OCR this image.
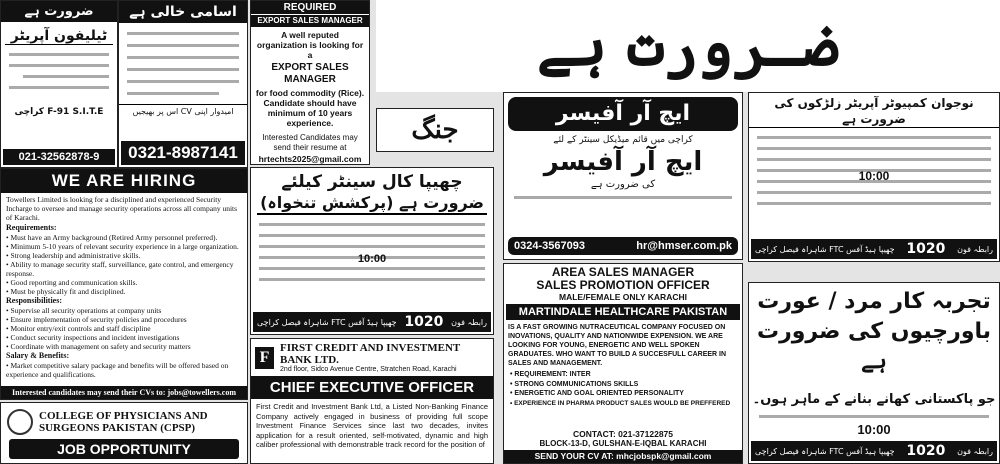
ضرورت ہے
ٹیلیفون آپریٹر
F-91 S.I.T.E کراچی
021-32562878-9
اسامی خالی ہے
امیدوار اپنی CV اس پر بھیجیں
0321-8987141
REQUIRED
EXPORT SALES MANAGER
A well reputed organization is looking for a
EXPORT SALES MANAGER
for food commodity (Rice). Candidate should have minimum of 10 years experience.
Interested Candidates may send their resume at
hrtechts2025@gmail.com
ضـرورت ہے
WE ARE HIRING

Towellers Limited is looking for a disciplined and experienced Security Incharge to oversee and manage security operations across all company units of Karachi.

Requirements:

• Must have an Army background (Retired Army personnel preferred).

• Minimum 5-10 years of relevant security experience in a large organization.

• Strong leadership and administrative skills.

• Ability to manage security staff, surveillance, gate control, and emergency response.

• Good reporting and communication skills.

• Must be physically fit and disciplined.

Responsibilities:

• Supervise all security operations at company units

• Ensure implementation of security policies and procedures

• Monitor entry/exit controls and staff discipline

• Conduct security inspections and incident investigations

• Coordinate with management on safety and security matters

Salary & Benefits:

• Market competitive salary package and benefits will be offered based on experience and qualifications.

Interested candidates may send their CVs to: jobs@towellers.com
COLLEGE OF PHYSICIANS AND
SURGEONS PAKISTAN (CPSP)
JOB OPPORTUNITY
چھیپا کال سینٹر کیلئے
ضرورت ہے (پرکشش تنخواہ)
10:00
رابطہ فون
1020
چھیپا ہیڈ آفس FTC شاہراہ فیصل کراچی
جنگ
F
FIRST CREDIT AND INVESTMENT BANK LTD.
2nd floor, Sidco Avenue Centre, Stratchen Road, Karachi
CHIEF EXECUTIVE OFFICER

First Credit and Investment Bank Ltd, a Listed Non-Banking Finance Company actively engaged in business of providing full scope Investment Finance Services since last two decades, invites application for a result oriented, self-motivated, dynamic and high caliber professional with demonstrable track record for the position of

ایچ آر آفیسر
کراچی میں قائم میڈیکل سینٹر کے لئے
ایچ آر آفیسر
کی ضرورت ہے
0324-3567093	hr@hmser.com.pk
AREA SALES MANAGER
SALES PROMOTION OFFICER
MALE/FEMALE ONLY KARACHI
MARTINDALE HEALTHCARE PAKISTAN

IS A FAST GROWING NUTRACEUTICAL COMPANY FOCUSED ON INOVATIONS, QUALITY AND NATIONWIDE EXPENSION. WE ARE LOOKING FOR YOUNG, ENERGETIC AND WELL SPOKEN GRADUATES. WHO WANT TO BUILD A SUCCESFULL CAREER IN SALES AND MANAGEMENT.

• REQUIREMENT: INTER

• STRONG COMMUNICATIONS SKILLS

• ENERGETIC AND GOAL ORIENTED PERSONALITY

• EXPERIENCE IN PHARMA PRODUCT SALES WOULD BE PREFFERED

SEND YOUR CV AT: mhcjobspk@gmail.com
CONTACT: 021-37122875
BLOCK-13-D, GULSHAN-E-IQBAL KARACHI
نوجوان کمپیوٹر آپریٹر زلڑکوں کی ضرورت ہے
10:00
رابطہ فون
1020
چھیپا ہیڈ آفس FTC شاہراہ فیصل کراچی
تجربہ کار مرد / عورت
باورچیوں کی ضرورت ہے
جو پاکستانی کھانے بنانے کے ماہر ہوں۔
10:00
رابطہ فون
1020
چھیپا ہیڈ آفس FTC شاہراہ فیصل کراچی
